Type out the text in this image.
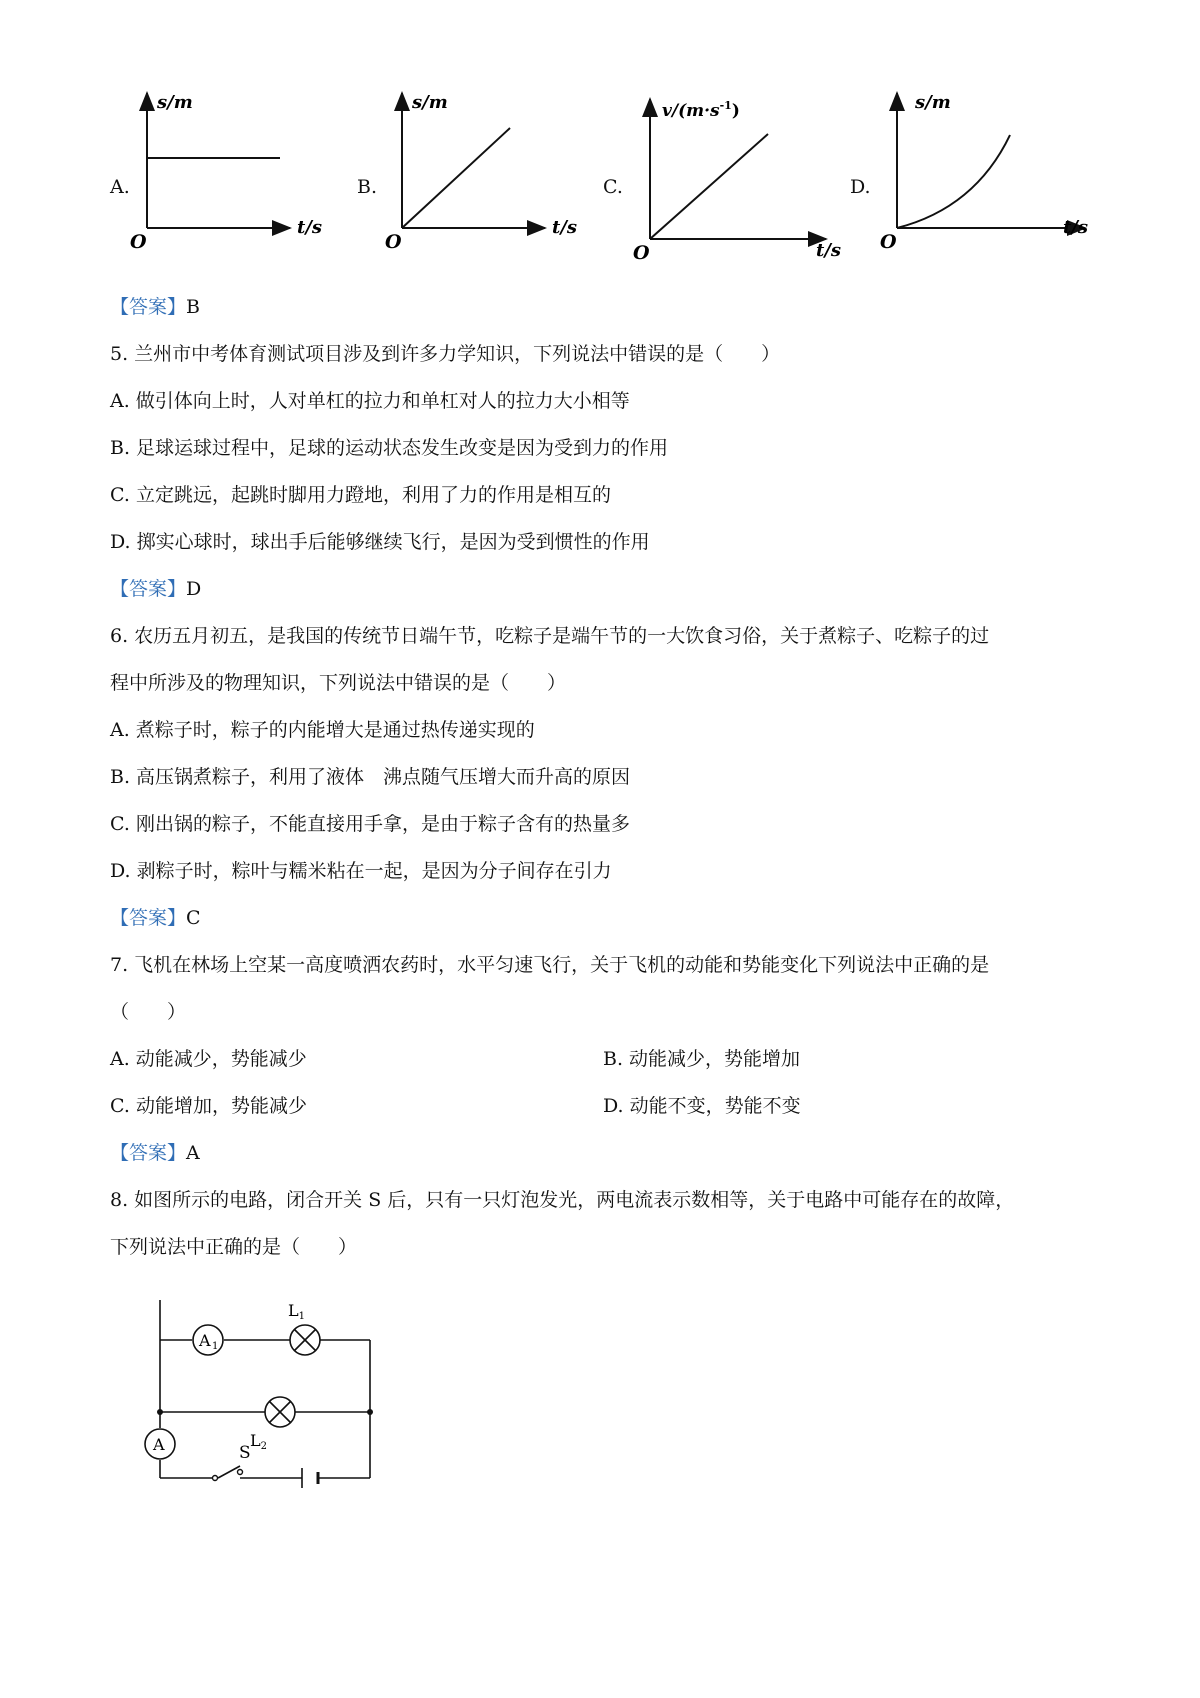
A.
s/m
t/s
O
B.
s/m
t/s
O
C.
$v/(m\cdot s^{-1})$
t/s
O
D.
s/m
t/s
O
【答案】B
5. 兰州市中考体育测试项目涉及到许多力学知识，下列说法中错误的是（　　）
A. 做引体向上时，人对单杠的拉力和单杠对人的拉力大小相等
B. 足球运球过程中，足球的运动状态发生改变是因为受到力的作用
C. 立定跳远，起跳时脚用力蹬地，利用了力的作用是相互的
D. 掷实心球时，球出手后能够继续飞行，是因为受到惯性的作用
【答案】D
6. 农历五月初五，是我国的传统节日端午节，吃粽子是端午节的一大饮食习俗，关于煮粽子、吃粽子的过
程中所涉及的物理知识，下列说法中错误的是（　　）
A. 煮粽子时，粽子的内能增大是通过热传递实现的
B. 高压锅煮粽子，利用了液体　沸点随气压增大而升高的原因
C. 刚出锅的粽子，不能直接用手拿，是由于粽子含有的热量多
D. 剥粽子时，粽叶与糯米粘在一起，是因为分子间存在引力
【答案】C
7. 飞机在林场上空某一高度喷洒农药时，水平匀速飞行，关于飞机的动能和势能变化下列说法中正确的是
（　　）
A. 动能减少，势能减少	B. 动能减少，势能增加
C. 动能增加，势能减少	D. 动能不变，势能不变
【答案】A
8. 如图所示的电路，闭合开关 S 后，只有一只灯泡发光，两电流表示数相等，关于电路中可能存在的故障，
下列说法中正确的是（　　）
S
A 1
L1
L2
A
